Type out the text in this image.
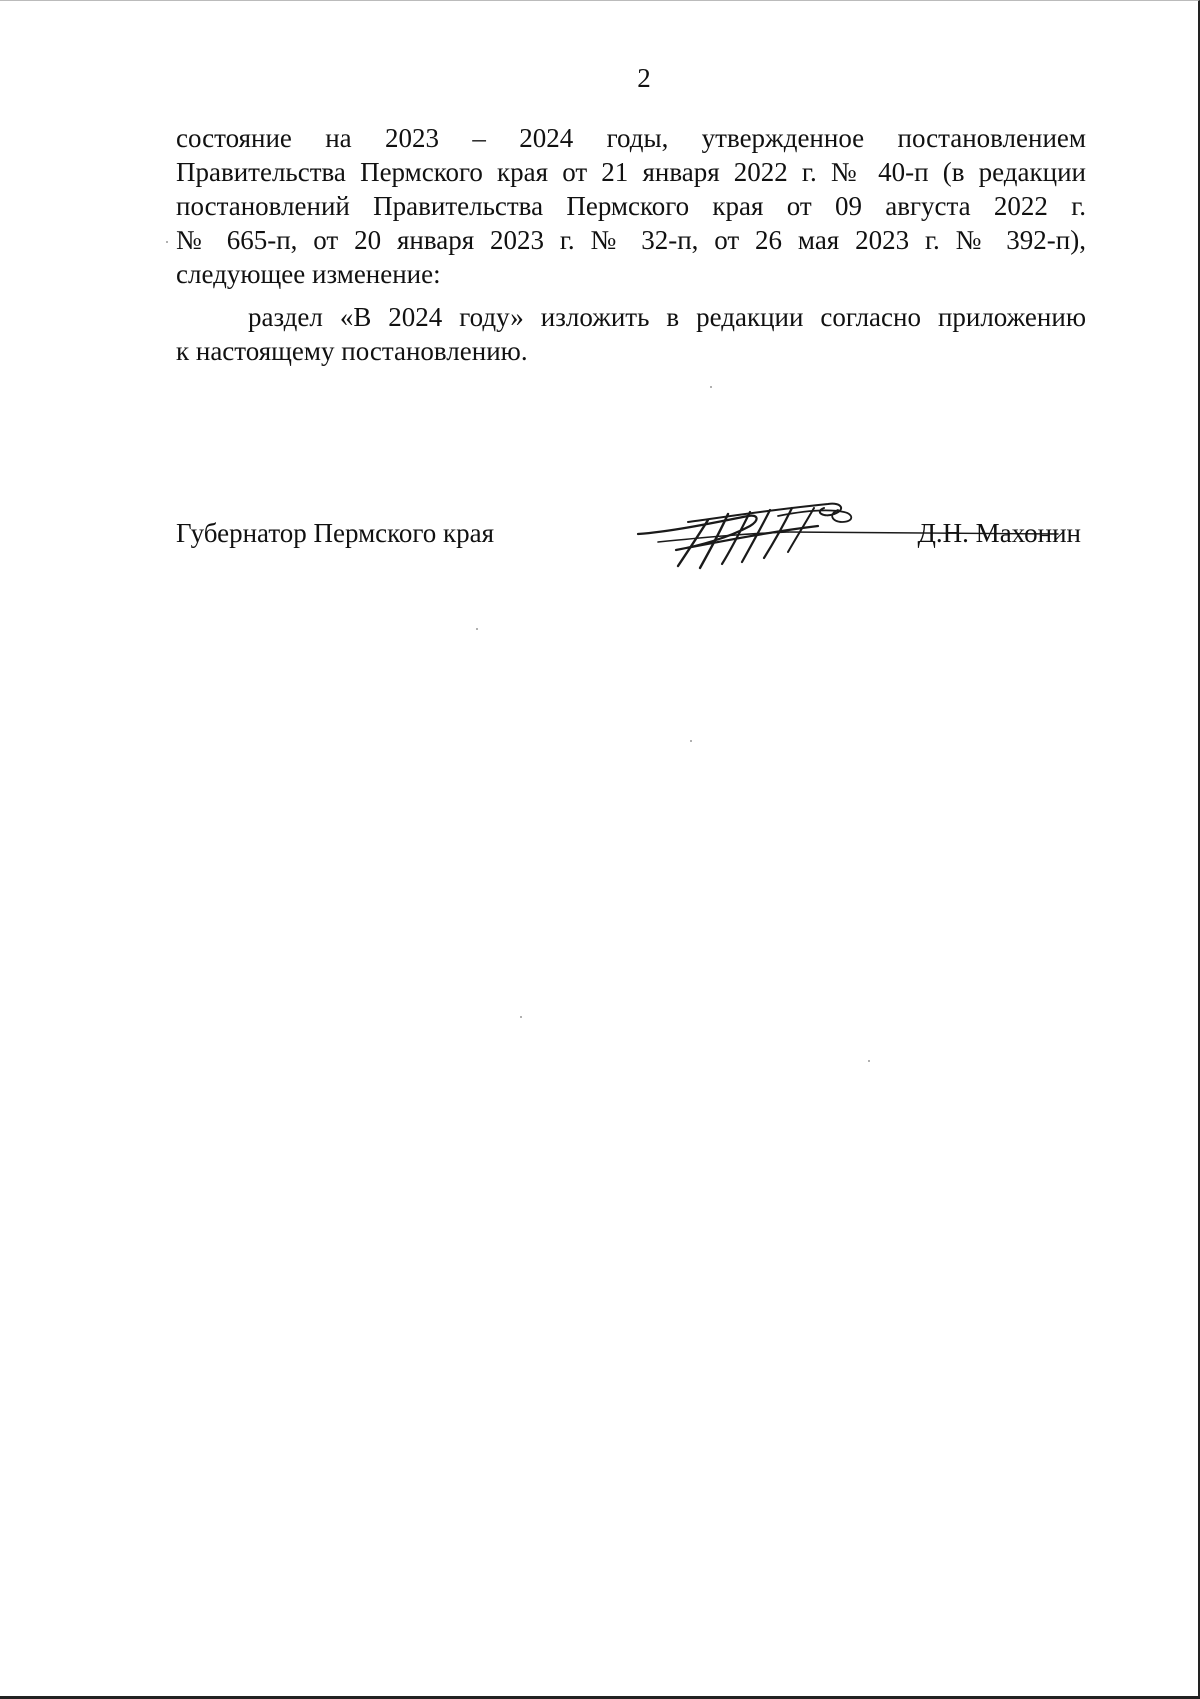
2

состояние на 2023 – 2024 годы, утвержденное постановлением
Правительства Пермского края от 21 января 2022 г. № 40-п (в редакции
постановлений Правительства Пермского края от 09 августа 2022 г.
№ 665-п, от 20 января 2023 г. № 32-п, от 26 мая 2023 г. № 392-п),
следующее изменение:

раздел «В 2024 году» изложить в редакции согласно приложению
к настоящему постановлению.

Губернатор Пермского края	Д.Н. Махонин
